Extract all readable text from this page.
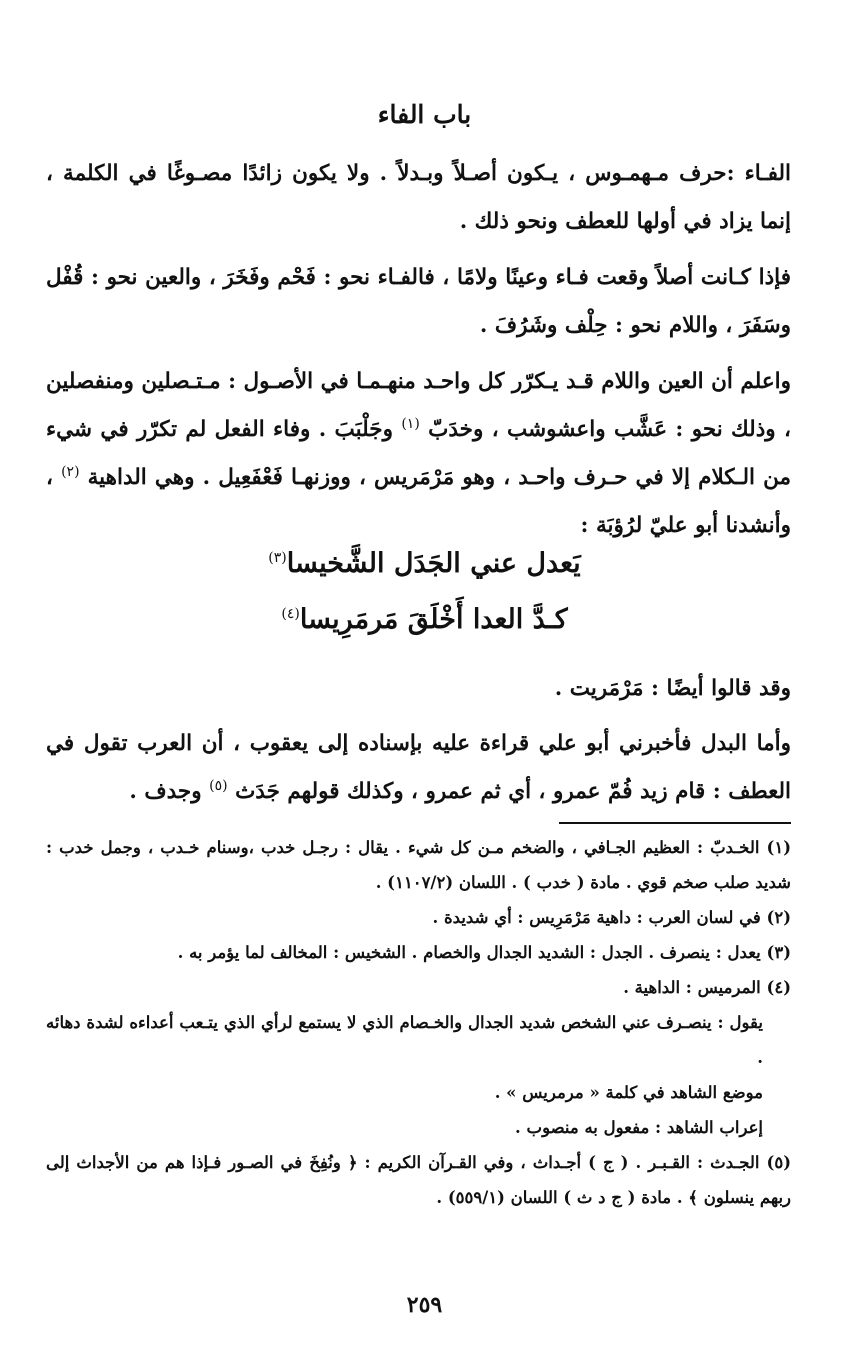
باب الفاء

الفـاء :حرف مـهمـوس ، يـكون أصـلاً وبـدلاً . ولا يكون زائدًا مصـوغًا في الكلمة ، إنما يزاد في أولها للعطف ونحو ذلك .

فإذا كـانت أصلاً وقعت فـاء وعينًا ولامًا ، فالفـاء نحو : فَحْم وفَخَرَ ، والعين نحو : قُفْل وسَفَرَ ، واللام نحو : حِلْف وشَرُفَ .

واعلم أن العين واللام قـد يـكرّر كل واحـد منهـمـا في الأصـول : مـتـصلين ومنفصلين ، وذلك نحو : عَشَّب واعشوشب ، وخدَبّ $^{(١)}$ وجَلْبَبَ . وفاء الفعل لم تكرّر في شيء من الـكلام إلا في حـرف واحـد ، وهو مَرْمَريس ، ووزنهـا فَعْفَعِيل . وهي الداهية $^{(٢)}$ ، وأنشدنا أبو عليّ لرُؤبَة :

يَعدل عني الجَدَل الشَّخيسا$^{(٣)}$
كـدَّ العدا أَخْلَقَ مَرمَرِيسا$^{(٤)}$

وقد قالوا أيضًا : مَرْمَريت .

وأما البدل فأخبرني أبو علي قراءة عليه بإسناده إلى يعقوب ، أن العرب تقول في العطف : قام زيد فُمّ عمرو ، أي ثم عمرو ، وكذلك قولهم جَدَث $^{(٥)}$ وجدف .

(١) الخـدبّ : العظيم الجـافي ، والضخم مـن كل شيء . يقال : رجـل خدب ،وسنام خـدب ، وجمل خدب : شديد صلب صخم قوي . مادة ( خدب ) . اللسان (١١٠٧/٢) .

(٢) في لسان العرب : داهية مَرْمَرِيس : أي شديدة .

(٣) يعدل : ينصرف . الجدل : الشديد الجدال والخصام . الشخيس : المخالف لما يؤمر به .

(٤) المرميس : الداهية .

يقول : ينصـرف عني الشخص شديد الجدال والخـصام الذي لا يستمع لرأي الذي يتـعب أعداءه لشدة دهائه .

موضع الشاهد في كلمة « مرمريس » .

إعراب الشاهد : مفعول به منصوب .

(٥) الجـدث : القـبـر . ( ج ) أجـداث ، وفي القـرآن الكريم : ﴿ ونُفِخَ في الصـور فـإذا هم من الأجداث إلى ربهم ينسلون ﴾ . مادة ( ج د ث ) اللسان (٥٥٩/١) .

٢٥٩
